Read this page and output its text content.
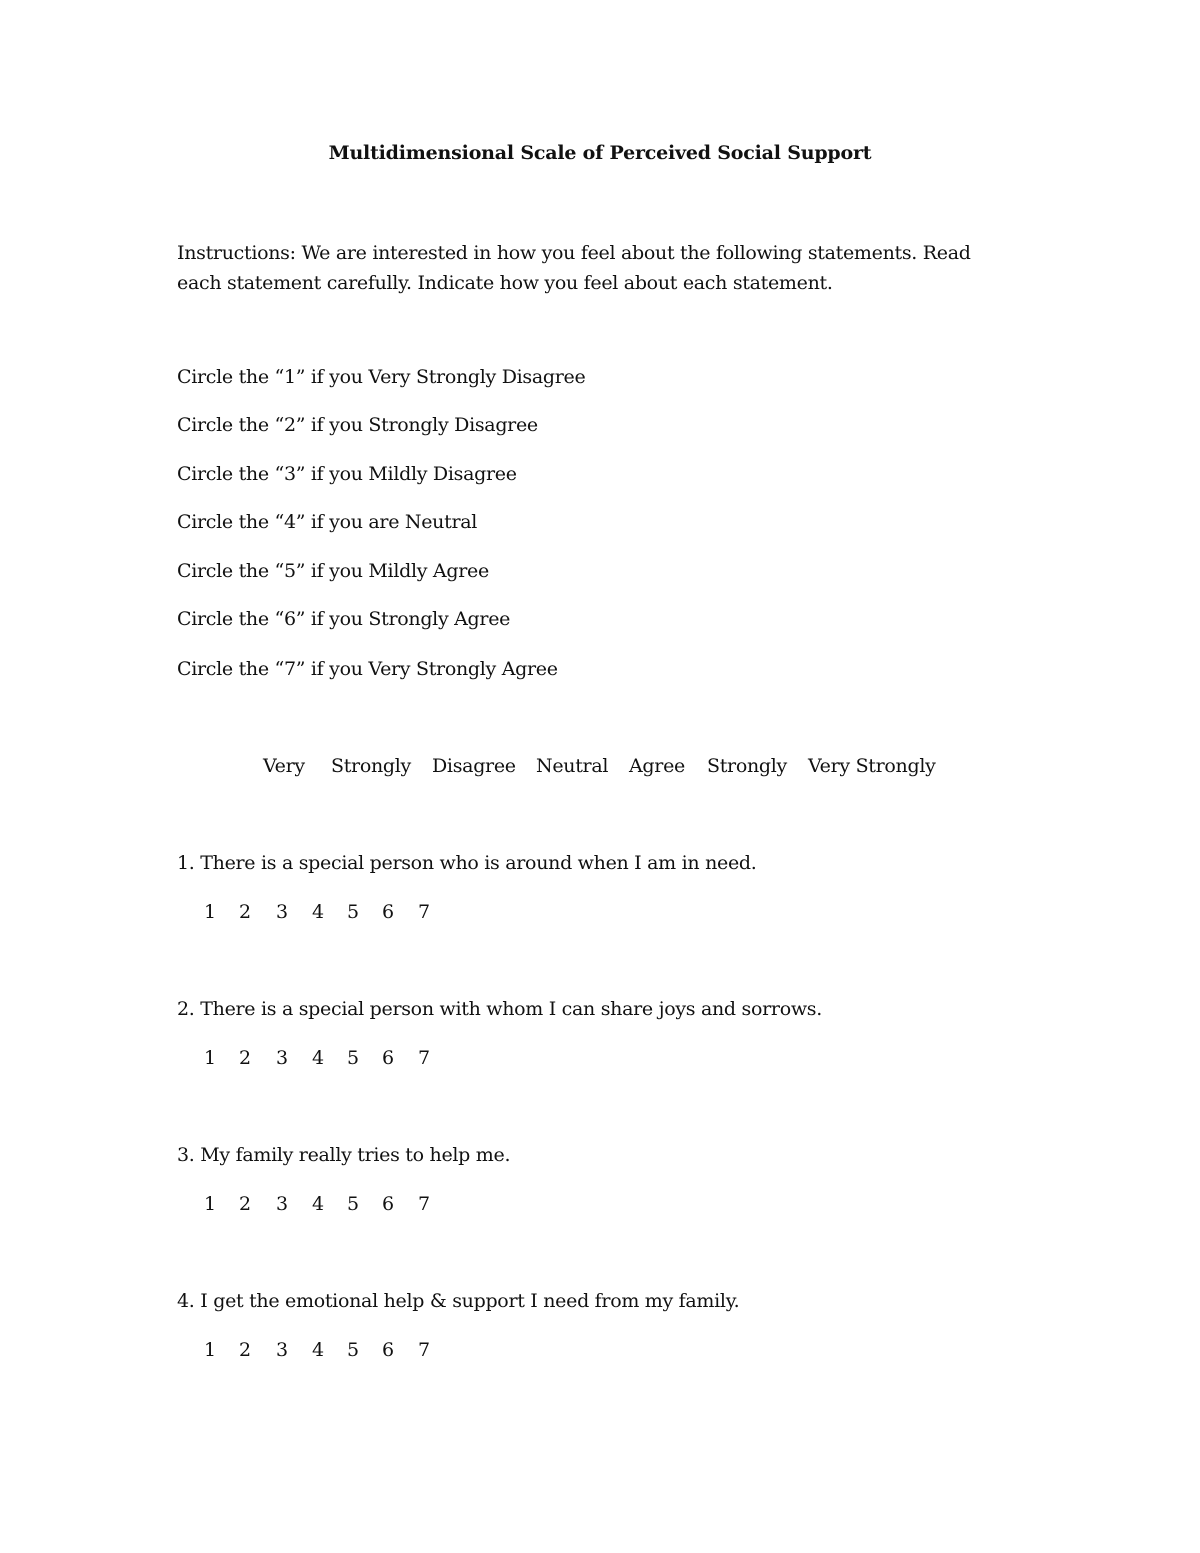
Multidimensional Scale of Perceived Social Support
Instructions: We are interested in how you feel about the following statements. Read each statement carefully. Indicate how you feel about each statement.
Circle the “1” if you Very Strongly Disagree
Circle the “2” if you Strongly Disagree
Circle the “3” if you Mildly Disagree
Circle the “4” if you are Neutral
Circle the “5” if you Mildly Agree
Circle the “6” if you Strongly Agree
Circle the “7” if you Very Strongly Agree
Very Strongly Disagree Neutral Agree Strongly Very Strongly
1. There is a special person who is around when I am in need.
1 2 3 4 5 6 7
2. There is a special person with whom I can share joys and sorrows.
1 2 3 4 5 6 7
3. My family really tries to help me.
1 2 3 4 5 6 7
4. I get the emotional help & support I need from my family.
1 2 3 4 5 6 7
